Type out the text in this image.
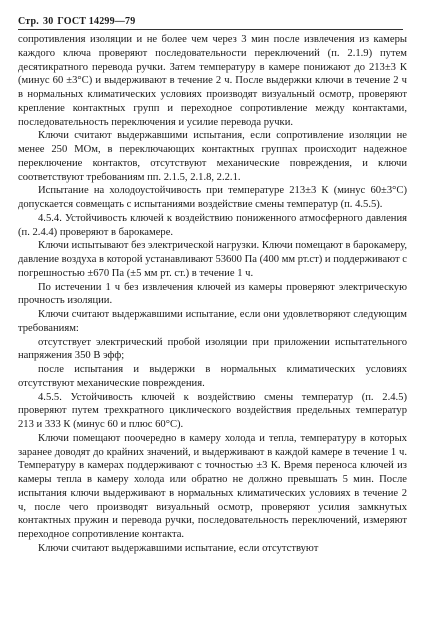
Стр. 30 ГОСТ 14299—79

сопротивления изоляции и не более чем через 3 мин после извлечения из камеры каждого ключа проверяют последовательности переключений (п. 2.1.9) путем десятикратного перевода ручки. Затем температуру в камере понижают до 213±3 К (минус 60 ±3°С) и выдерживают в течение 2 ч. После выдержки ключи в течение 2 ч в нормальных климатических условиях производят визуальный осмотр, проверяют крепление контактных групп и переходное сопротивление между контактами, последовательность переключения и усилие перевода ручки.

Ключи считают выдержавшими испытания, если сопротивление изоляции не менее 250 МОм, в переключающих контактных группах происходит надежное переключение контактов, отсутствуют механические повреждения, и ключи соответствуют требованиям пп. 2.1.5, 2.1.8, 2.2.1.

Испытание на холодоустойчивость при температуре 213±3 К (минус 60±3°С) допускается совмещать с испытаниями воздействие смены температур (п. 4.5.5).

4.5.4. Устойчивость ключей к воздействию пониженного атмосферного давления (п. 2.4.4) проверяют в барокамере.

Ключи испытывают без электрической нагрузки. Ключи помещают в барокамеру, давление воздуха в которой устанавливают 53600 Па (400 мм рт.ст) и поддерживают с погрешностью ±670 Па (±5 мм рт. ст.) в течение 1 ч.

По истечении 1 ч без извлечения ключей из камеры проверяют электрическую прочность изоляции.

Ключи считают выдержавшими испытание, если они удовлетворяют следующим требованиям:

отсутствует электрический пробой изоляции при приложении испытательного напряжения 350 В эфф;

после испытания и выдержки в нормальных климатических условиях отсутствуют механические повреждения.

4.5.5. Устойчивость ключей к воздействию смены температур (п. 2.4.5) проверяют путем трехкратного циклического воздействия предельных температур 213 и 333 К (минус 60 и плюс 60°С).

Ключи помещают поочередно в камеру холода и тепла, температуру в которых заранее доводят до крайних значений, и выдерживают в каждой камере в течение 1 ч. Температуру в камерах поддерживают с точностью ±3 К. Время переноса ключей из камеры тепла в камеру холода или обратно не должно превышать 5 мин. После испытания ключи выдерживают в нормальных климатических условиях в течение 2 ч, после чего производят визуальный осмотр, проверяют усилия замкнутых контактных пружин и перевода ручки, последовательность переключений, измеряют переходное сопротивление контакта.

Ключи считают выдержавшими испытание, если отсутствуют
